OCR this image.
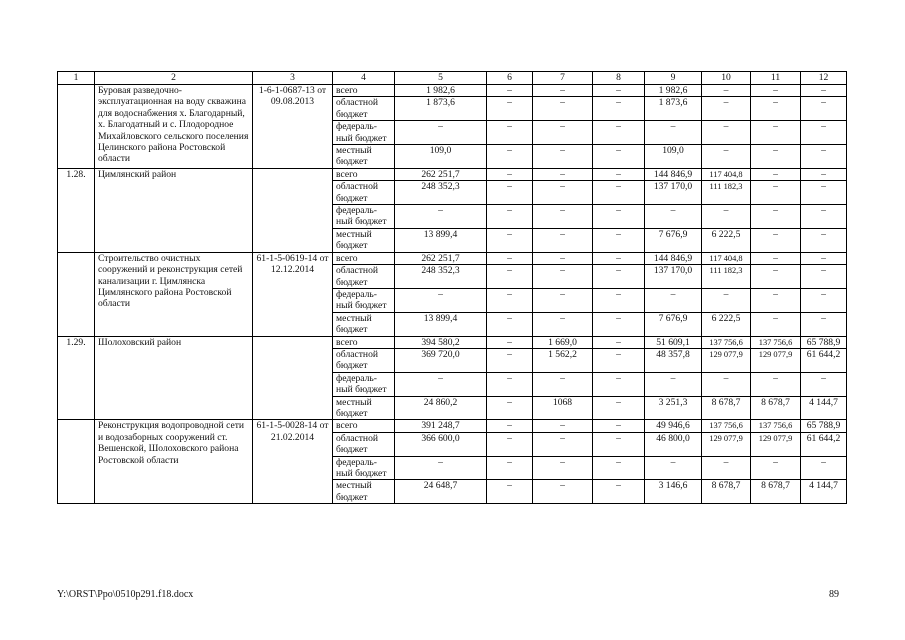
1	2	3	4	5	6	7	8	9	10	11	12
	Буровая разведочно-эксплуатационная на воду скважина для водоснабжения х. Благодарный, х. Благодатный и с. Плодородное Михайловского сельского поселения Целинского района Ростовской области	1-6-1-0687-13 от 09.08.2013	всего	1 982,6	–	–	–	1 982,6	–	–	–
			областной бюджет	1 873,6	–	–	–	1 873,6	–	–	–
			федераль-ный бюджет	–	–	–	–	–	–	–	–
			местный бюджет	109,0	–	–	–	109,0	–	–	–
1.28.	Цимлянский район		всего	262 251,7	–	–	–	144 846,9	117 404,8	–	–
			областной бюджет	248 352,3	–	–	–	137 170,0	111 182,3	–	–
			федераль-ный бюджет	–	–	–	–	–	–	–	–
			местный бюджет	13 899,4	–	–	–	7 676,9	6 222,5	–	–
	Строительство очистных сооружений и реконструкция сетей канализации г. Цимлянска Цимлянского района Ростовской области	61-1-5-0619-14 от 12.12.2014	всего	262 251,7	–	–	–	144 846,9	117 404,8	–	–
			областной бюджет	248 352,3	–	–	–	137 170,0	111 182,3	–	–
			федераль-ный бюджет	–	–	–	–	–	–	–	–
			местный бюджет	13 899,4	–	–	–	7 676,9	6 222,5	–	–
1.29.	Шолоховский район		всего	394 580,2	–	1 669,0	–	51 609,1	137 756,6	137 756,6	65 788,9
			областной бюджет	369 720,0	–	1 562,2	–	48 357,8	129 077,9	129 077,9	61 644,2
			федераль-ный бюджет	–	–	–	–	–	–	–	–
			местный бюджет	24 860,2	–	1068	–	3 251,3	8 678,7	8 678,7	4 144,7
	Реконструкция водопроводной сети и водозаборных сооружений ст. Вешенской, Шолоховского района Ростовской области	61-1-5-0028-14 от 21.02.2014	всего	391 248,7	–	–	–	49 946,6	137 756,6	137 756,6	65 788,9
			областной бюджет	366 600,0	–	–	–	46 800,0	129 077,9	129 077,9	61 644,2
			федераль-ный бюджет	–	–	–	–	–	–	–	–
			местный бюджет	24 648,7	–	–	–	3 146,6	8 678,7	8 678,7	4 144,7
Y:\ORST\Ppo\0510p291.f18.docx	89
